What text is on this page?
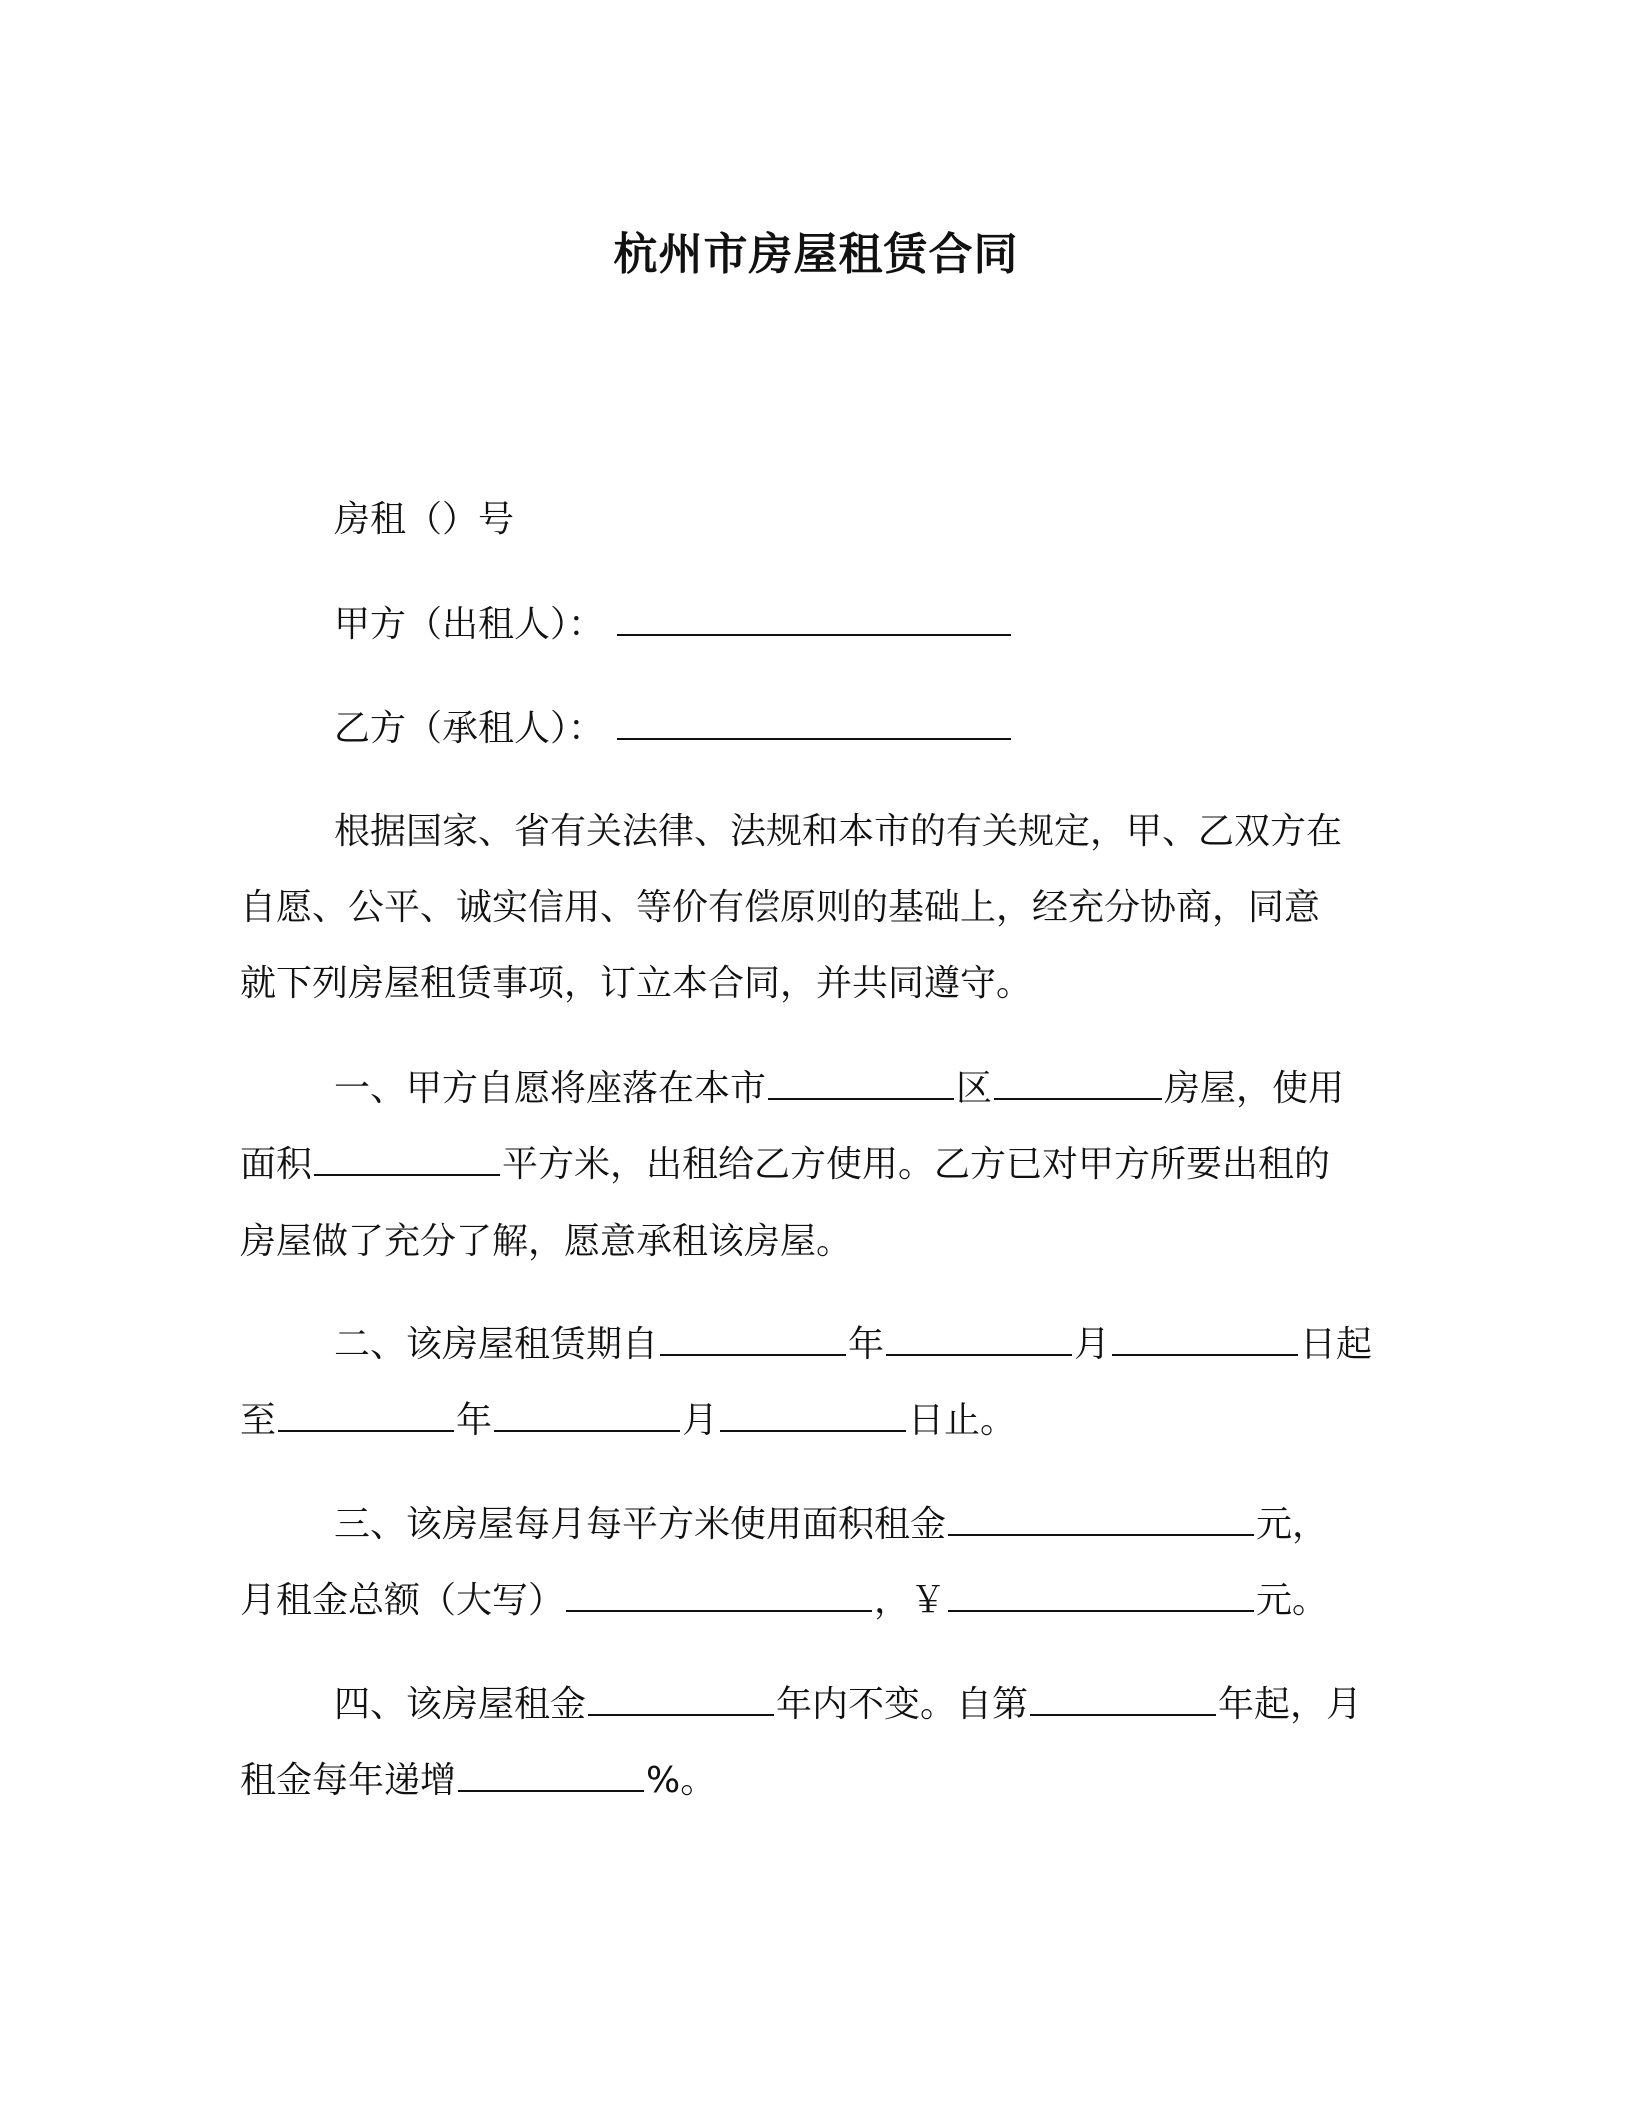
杭州市房屋租赁合同
房租（）号
甲方（出租人）：
乙方（承租人）：
根据国家、省有关法律、法规和本市的有关规定，甲、乙双方在
自愿、公平、诚实信用、等价有偿原则的基础上，经充分协商，同意
就下列房屋租赁事项，订立本合同，并共同遵守。
一、甲方自愿将座落在本市	区	房屋，使用
面积	平方米，出租给乙方使用。乙方已对甲方所要出租的
房屋做了充分了解，愿意承租该房屋。
二、该房屋租赁期自	年	月	日起
至	年	月	日止。
三、该房屋每月每平方米使用面积租金	元，
月租金总额（大写）	，￥	元。
四、该房屋租金	年内不变。自第	年起，月
租金每年递增	%。
